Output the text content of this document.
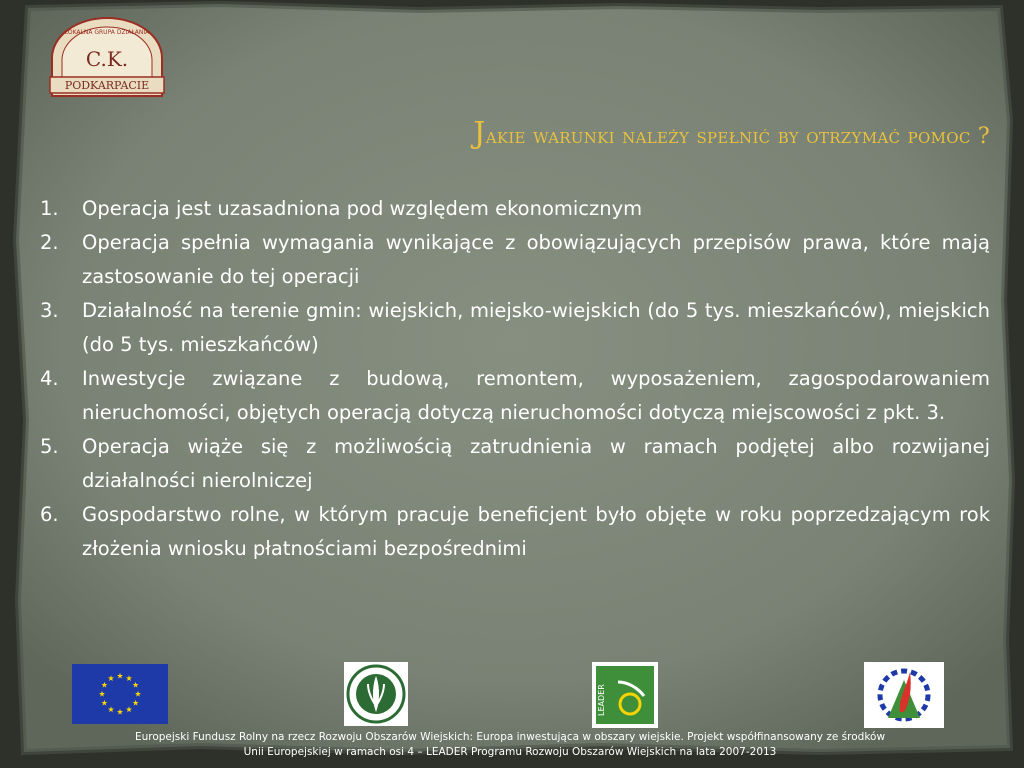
LOKALNA GRUPA DZIAŁANIA
C.K.
PODKARPACIE
Jakie warunki należy spełnić by otrzymać pomoc ?
1.	Operacja jest uzasadniona pod względem ekonomicznym
2.	Operacja spełnia wymagania wynikające z obowiązujących przepisów prawa, które mają zastosowanie do tej operacji
3.	Działalność na terenie gmin: wiejskich, miejsko-wiejskich (do 5 tys. mieszkańców), miejskich (do 5 tys. mieszkańców)
4.	Inwestycje związane z budową, remontem, wyposażeniem, zagospodarowaniem nieruchomości, objętych operacją dotyczą nieruchomości dotyczą miejscowości z pkt. 3.
5.	Operacja wiąże się z możliwością zatrudnienia w ramach podjętej albo rozwijanej działalności nierolniczej
6.	Gospodarstwo rolne, w którym pracuje beneficjent było objęte w roku poprzedzającym rok złożenia wniosku płatnościami bezpośrednimi
LEADER
Europejski Fundusz Rolny na rzecz Rozwoju Obszarów Wiejskich: Europa inwestująca w obszary wiejskie. Projekt współfinansowany ze środków
Unii Europejskiej w ramach osi 4 – LEADER Programu Rozwoju Obszarów Wiejskich na lata 2007-2013
